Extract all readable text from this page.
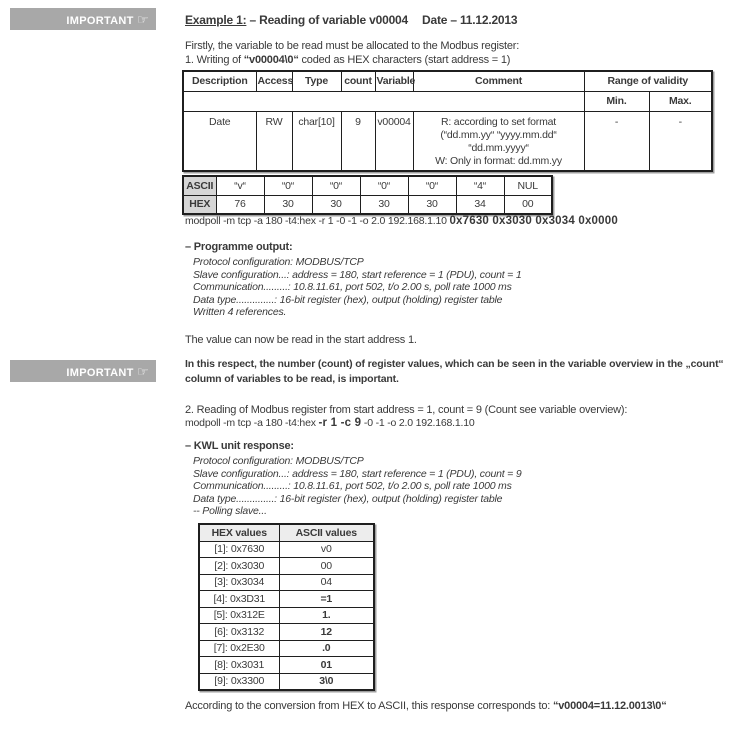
IMPORTANT ☞	Example 1: – Reading of variable v00004 Date – 11.12.2013
Firstly, the variable to be read must be allocated to the Modbus register:
1. Writing of “v00004\0“ coded as HEX characters (start address = 1)
Description	Access	Type	count	Variable	Comment	Range of validity	
						Min.	Max.
Date	RW	char[10]	9	v00004	R: according to set format
(“dd.mm.yy“ “yyyy.mm.dd“
“dd.mm.yyyy“
W: Only in format: dd.mm.yy	-	-
ASCII	“v“	“0“	“0“	“0“	“0“	“4“	NUL
HEX	76	30	30	30	30	34	00
modpoll -m tcp -a 180 -t4:hex -r 1 -0 -1 -o 2.0 192.168.1.10 0x7630 0x3030 0x3034 0x0000
– Programme output:
Protocol configuration: MODBUS/TCP
Slave configuration...: address = 180, start reference = 1 (PDU), count = 1
Communication.........: 10.8.11.61, port 502, t/o 2.00 s, poll rate 1000 ms
Data type..............: 16-bit register (hex), output (holding) register table
Written 4 references.
The value can now be read in the start address 1.
IMPORTANT ☞	In this respect, the number (count) of register values, which can be seen in the variable overview in the „count“ column of variables to be read, is important.
2. Reading of Modbus register from start address = 1, count = 9 (Count see variable overview):
modpoll -m tcp -a 180 -t4:hex -r 1 -c 9 -0 -1 -o 2.0 192.168.1.10
– KWL unit response:
Protocol configuration: MODBUS/TCP
Slave configuration...: address = 180, start reference = 1 (PDU), count = 9
Communication.........: 10.8.11.61, port 502, t/o 2.00 s, poll rate 1000 ms
Data type..............: 16-bit register (hex), output (holding) register table
-- Polling slave...
HEX values	ASCII values
[1]: 0x7630	v0
[2]: 0x3030	00
[3]: 0x3034	04
[4]: 0x3D31	=1
[5]: 0x312E	1.
[6]: 0x3132	12
[7]: 0x2E30	.0
[8]: 0x3031	01
[9]: 0x3300	3\0
According to the conversion from HEX to ASCII, this response corresponds to: “v00004=11.12.0013\0“
